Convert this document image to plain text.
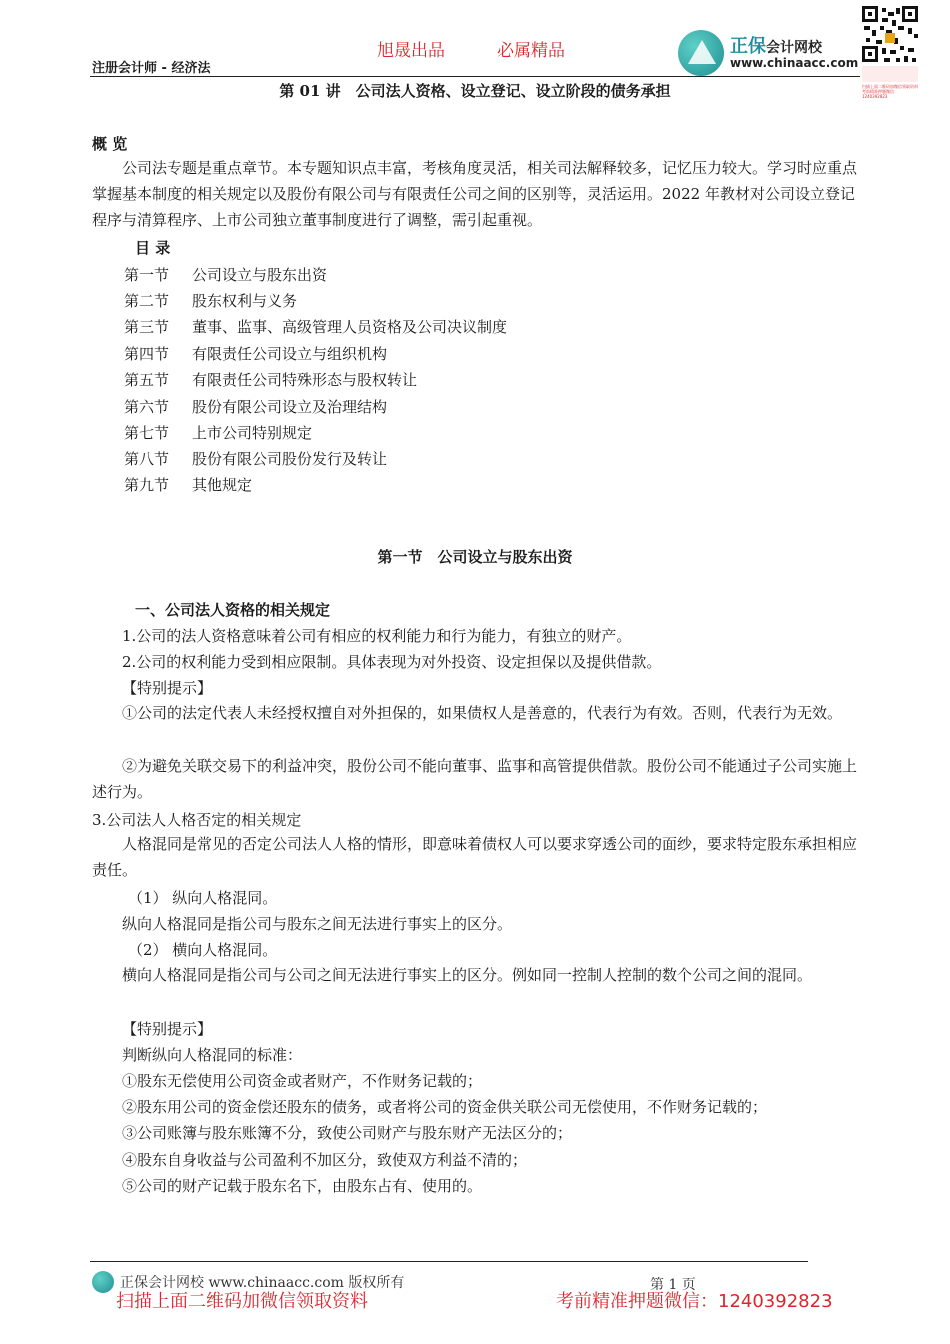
旭晟出品	必属精品
注册会计师 - 经济法
正保会计网校
www.chinaacc.com
扫描上面二维码加微信领取资料 考前精准押题微信：1240392823
第 01 讲　公司法人资格、设立登记、设立阶段的债务承担
概 览
公司法专题是重点章节。本专题知识点丰富，考核角度灵活，相关司法解释较多，记忆压力较大。学习时应重点掌握基本制度的相关规定以及股份有限公司与有限责任公司之间的区别等，灵活运用。2022 年教材对公司设立登记程序与清算程序、上市公司独立董事制度进行了调整，需引起重视。
目 录
第一节 公司设立与股东出资
第二节 股东权利与义务
第三节 董事、监事、高级管理人员资格及公司决议制度
第四节 有限责任公司设立与组织机构
第五节 有限责任公司特殊形态与股权转让
第六节 股份有限公司设立及治理结构
第七节 上市公司特别规定
第八节 股份有限公司股份发行及转让
第九节 其他规定
第一节　公司设立与股东出资
一、公司法人资格的相关规定
1.公司的法人资格意味着公司有相应的权利能力和行为能力，有独立的财产。
2.公司的权利能力受到相应限制。具体表现为对外投资、设定担保以及提供借款。
【特别提示】
①公司的法定代表人未经授权擅自对外担保的，如果债权人是善意的，代表行为有效。否则，代表行为无效。
②为避免关联交易下的利益冲突，股份公司不能向董事、监事和高管提供借款。股份公司不能通过子公司实施上述行为。
3.公司法人人格否定的相关规定
人格混同是常见的否定公司法人人格的情形，即意味着债权人可以要求穿透公司的面纱，要求特定股东承担相应责任。
（1） 纵向人格混同。
纵向人格混同是指公司与股东之间无法进行事实上的区分。
（2） 横向人格混同。
横向人格混同是指公司与公司之间无法进行事实上的区分。例如同一控制人控制的数个公司之间的混同。
【特别提示】
判断纵向人格混同的标准：
①股东无偿使用公司资金或者财产，不作财务记载的；
②股东用公司的资金偿还股东的债务，或者将公司的资金供关联公司无偿使用，不作财务记载的；
③公司账簿与股东账簿不分，致使公司财产与股东财产无法区分的；
④股东自身收益与公司盈利不加区分，致使双方利益不清的；
⑤公司的财产记载于股东名下，由股东占有、使用的。
正保会计网校 www.chinaacc.com 版权所有	第 1 页
扫描上面二维码加微信领取资料	考前精准押题微信：1240392823
